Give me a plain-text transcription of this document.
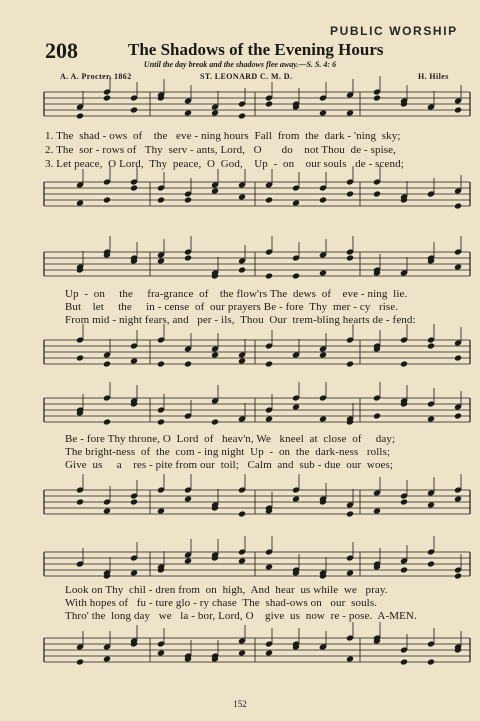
PUBLIC WORSHIP
208	The Shadows of the Evening Hours
Until the day break and the shadows flee away.—S. S. 4: 6
A. A. Procter, 1862	ST. LEONARD C. M. D.	H. Hiles
1. The  shad - ows  of    the   eve - ning hours  Fall  from  the  dark - 'ning  sky;
2. The  sor - rows of   Thy  serv - ants, Lord,   O       do    not Thou  de - spise,
3. Let peace,  O Lord,  Thy  peace,  O  God,    Up  -  on    our souls   de - scend;
Up  -  on     the     fra-grance  of    the flow'rs The  dews  of    eve - ning  lie.
But    let     the     in - cense  of  our prayers Be - fore  Thy  mer - cy   rise.
From mid - night fears, and   per - ils,  Thou  Our  trem-bling hearts de - fend:
Be - fore Thy throne, O  Lord  of   heav'n, We   kneel  at  close  of     day;
The bright-ness  of  the  com - ing night  Up  -  on  the  dark-ness   rolls;
Give  us     a    res - pite from our  toil;   Calm  and  sub - due  our  woes;
Look on Thy  chil - dren from  on  high,  And  hear  us while  we   pray.
With hopes of   fu - ture glo - ry chase  The  shad-ows on   our  souls.
Thro' the  long day   we   la - bor, Lord, O    give  us  now  re - pose.  A-MEN.
152
